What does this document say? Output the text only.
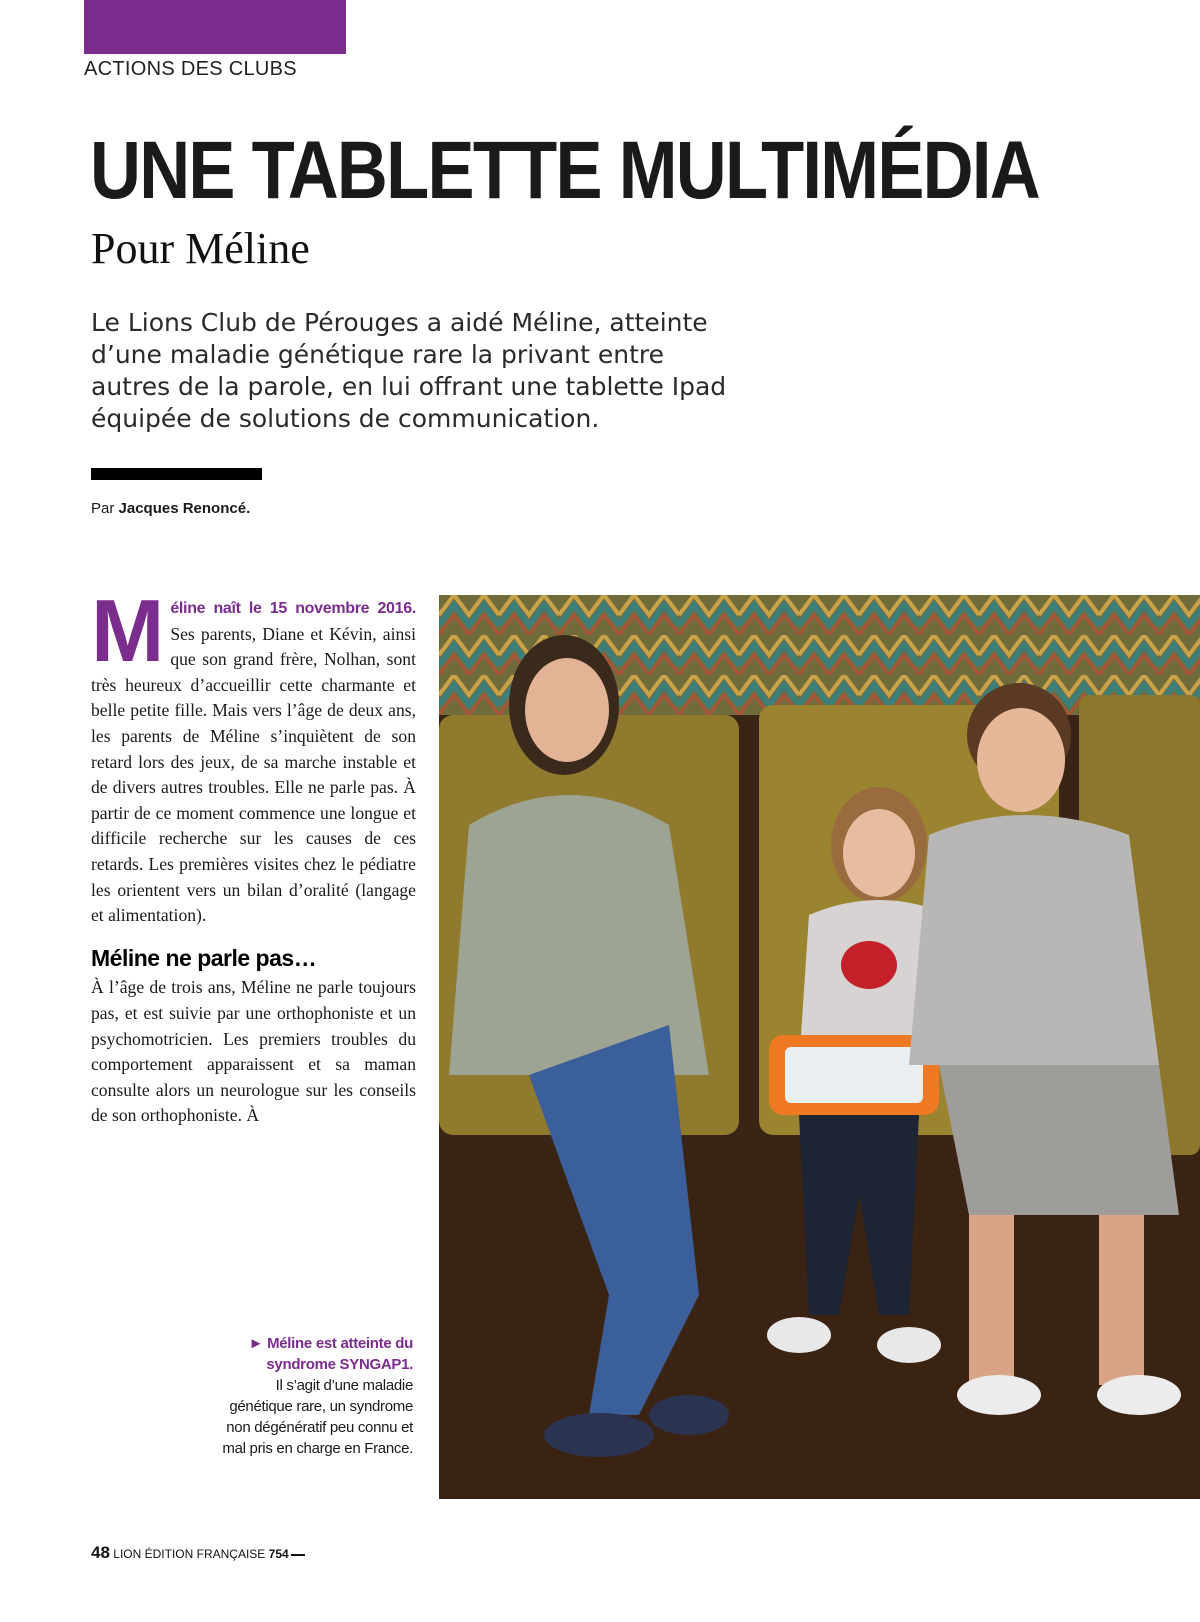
ACTIONS DES CLUBS
UNE TABLETTE MULTIMÉDIA
Pour Méline
Le Lions Club de Pérouges a aidé Méline, atteinte d’une maladie génétique rare la privant entre autres de la parole, en lui offrant une tablette Ipad équipée de solutions de communication.
Par Jacques Renoncé.

M éline naît le 15 novembre 2016. Ses parents, Diane et Kévin, ainsi que son grand frère, Nolhan, sont très heureux d’accueillir cette charmante et belle petite fille. Mais vers l’âge de deux ans, les parents de Méline s’inquiètent de son retard lors des jeux, de sa marche instable et de divers autres troubles. Elle ne parle pas. À partir de ce moment commence une longue et difficile recherche sur les causes de ces retards. Les premières visites chez le pédiatre les orientent vers un bilan d’oralité (langage et alimentation).

Méline ne parle pas…

À l’âge de trois ans, Méline ne parle toujours pas, et est suivie par une orthophoniste et un psychomotricien. Les premiers troubles du comportement apparaissent et sa maman consulte alors un neurologue sur les conseils de son orthophoniste. À

► Méline est atteinte du syndrome SYNGAP1.
Il s’agit d’une maladie génétique rare, un syndrome non dégénératif peu connu et mal pris en charge en France.
48 LION ÉDITION FRANÇAISE 754
